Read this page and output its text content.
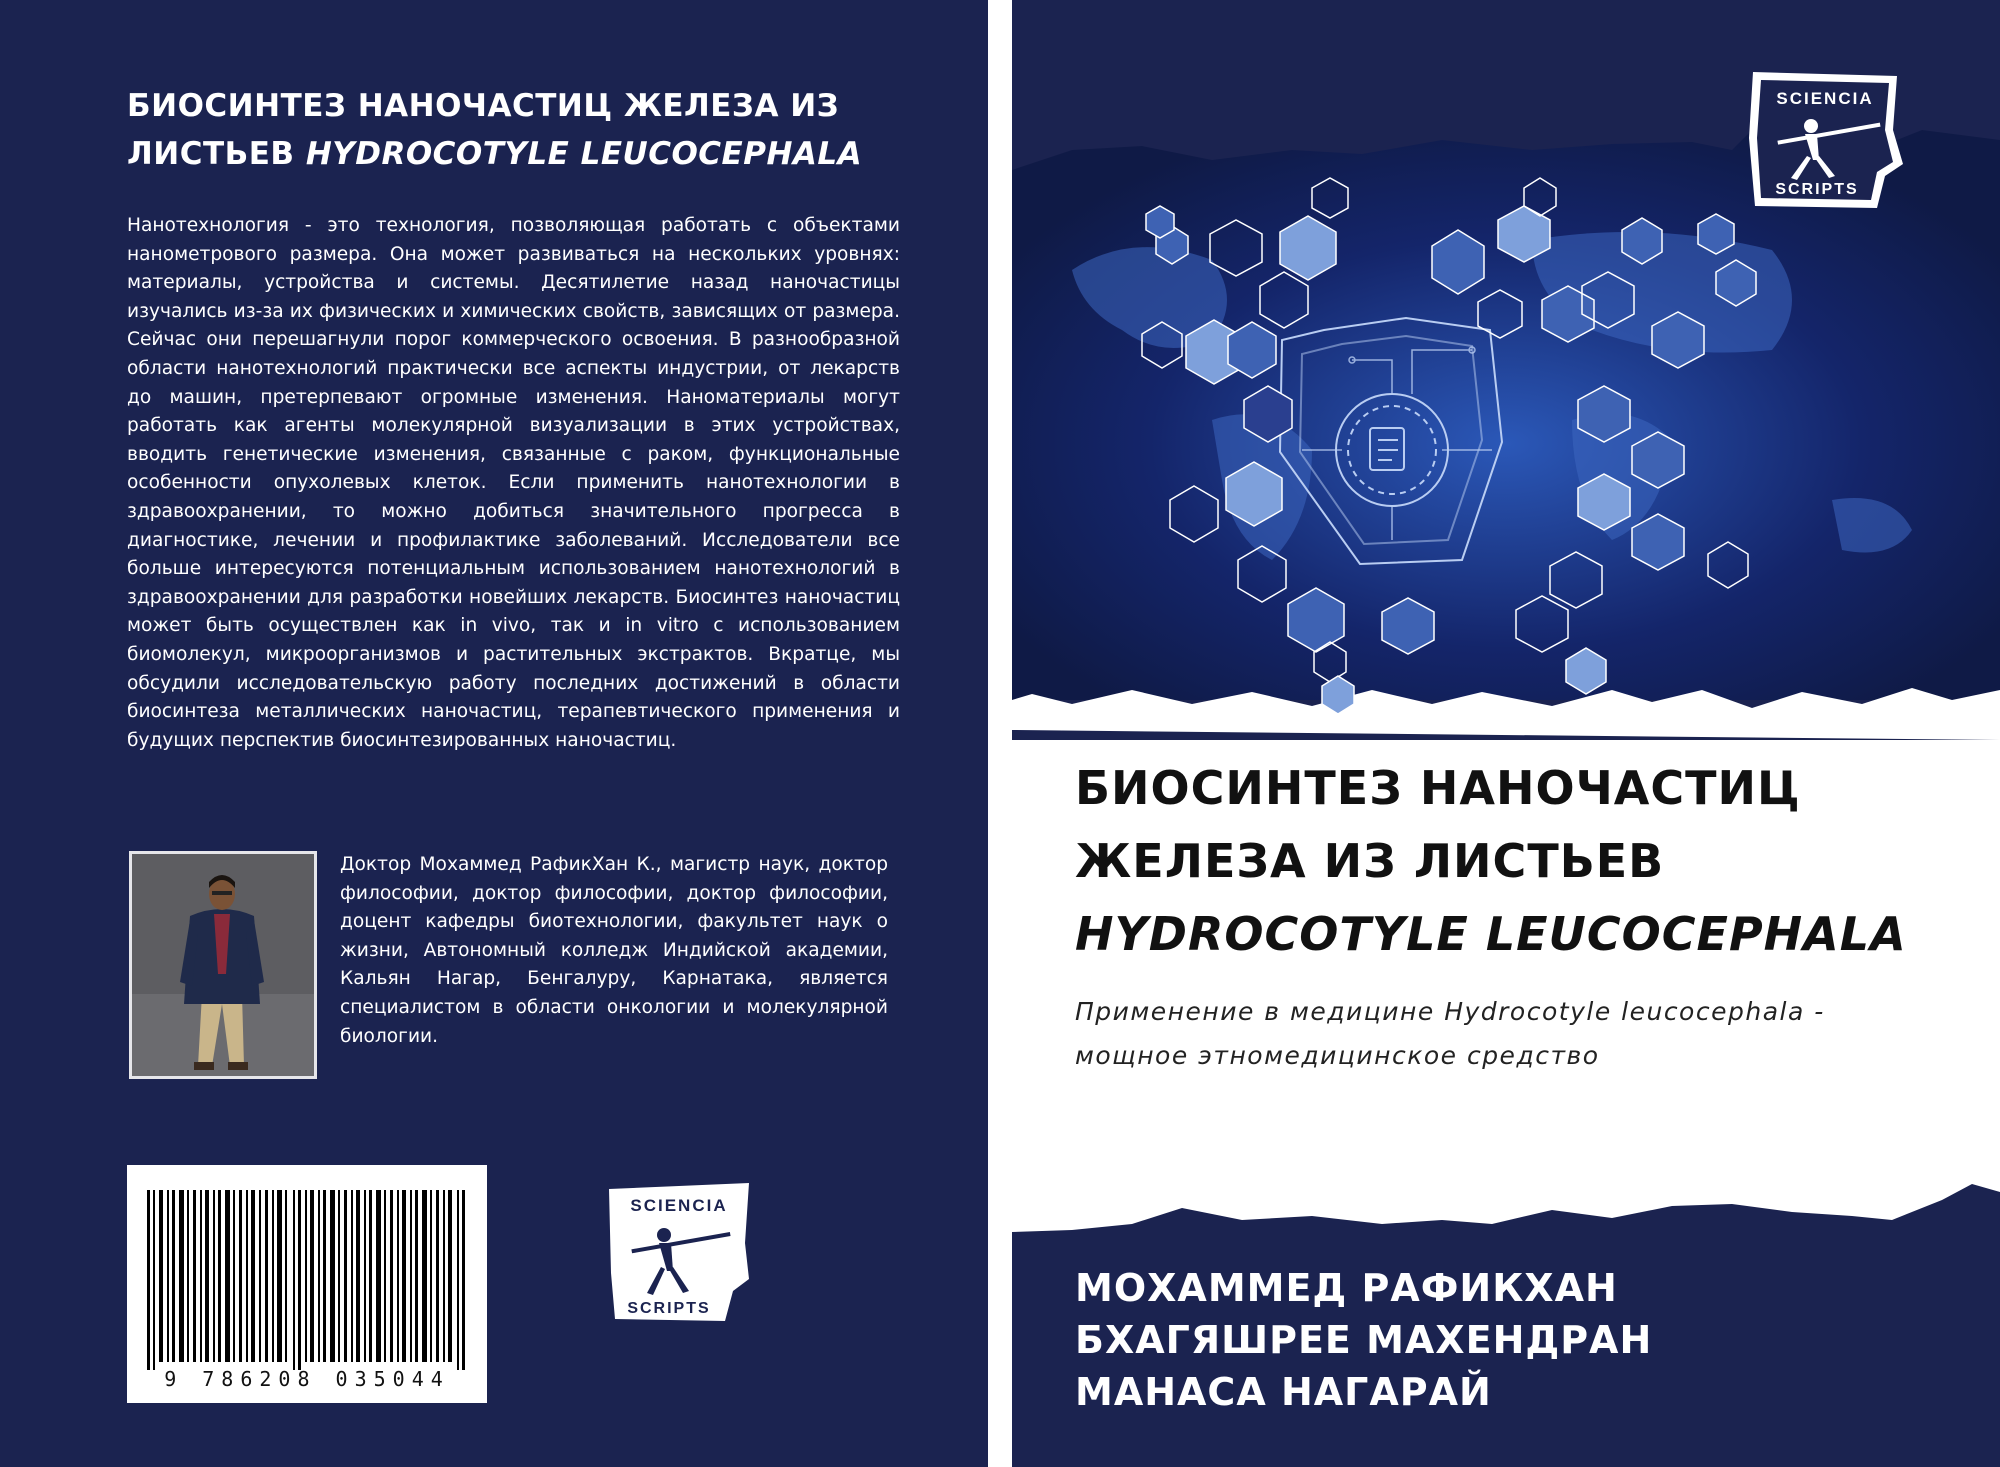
БИОСИНТЕЗ НАНОЧАСТИЦ ЖЕЛЕЗА ИЗ
ЛИСТЬЕВ HYDROCOTYLE LEUCOCEPHALA

Нанотехнология - это технология, позволяющая работать с объектами нанометрового размера. Она может развиваться на нескольких уровнях: материалы, устройства и системы. Десятилетие назад наночастицы изучались из-за их физических и химических свойств, зависящих от размера. Сейчас они перешагнули порог коммерческого освоения. В разнообразной области нанотехнологий практически все аспекты индустрии, от лекарств до машин, претерпевают огромные изменения. Наноматериалы могут работать как агенты молекулярной визуализации в этих устройствах, вводить генетические изменения, связанные с раком, функциональные особенности опухолевых клеток. Если применить нанотехнологии в здравоохранении, то можно добиться значительного прогресса в диагностике, лечении и профилактике заболеваний. Исследователи все больше интересуются потенциальным использованием нанотехнологий в здравоохранении для разработки новейших лекарств. Биосинтез наночастиц может быть осуществлен как in vivo, так и in vitro с использованием биомолекул, микроорганизмов и растительных экстрактов. Вкратце, мы обсудили исследовательскую работу последних достижений в области биосинтеза металлических наночастиц, терапевтического применения и будущих перспектив биосинтезированных наночастиц.

Доктор Мохаммед РафикХан К., магистр наук, доктор философии, доктор философии, доктор философии, доцент кафедры биотехнологии, факультет наук о жизни, Автономный колледж Индийской академии, Кальян Нагар, Бенгалуру, Карнатака, является специалистом в области онкологии и молекулярной биологии.

9 786208 035044
SCIENCIA
SCRIPTS
SCIENCIA
SCRIPTS
БИОСИНТЕЗ НАНОЧАСТИЦ
ЖЕЛЕЗА ИЗ ЛИСТЬЕВ
HYDROCOTYLE LEUCOCEPHALA
Применение в медицине Hydrocotyle leucocephala -
мощное этномедицинское средство
МОХАММЕД РАФИКХАН
БХАГЯШРЕЕ МАХЕНДРАН
МАНАСА НАГАРАЙ
